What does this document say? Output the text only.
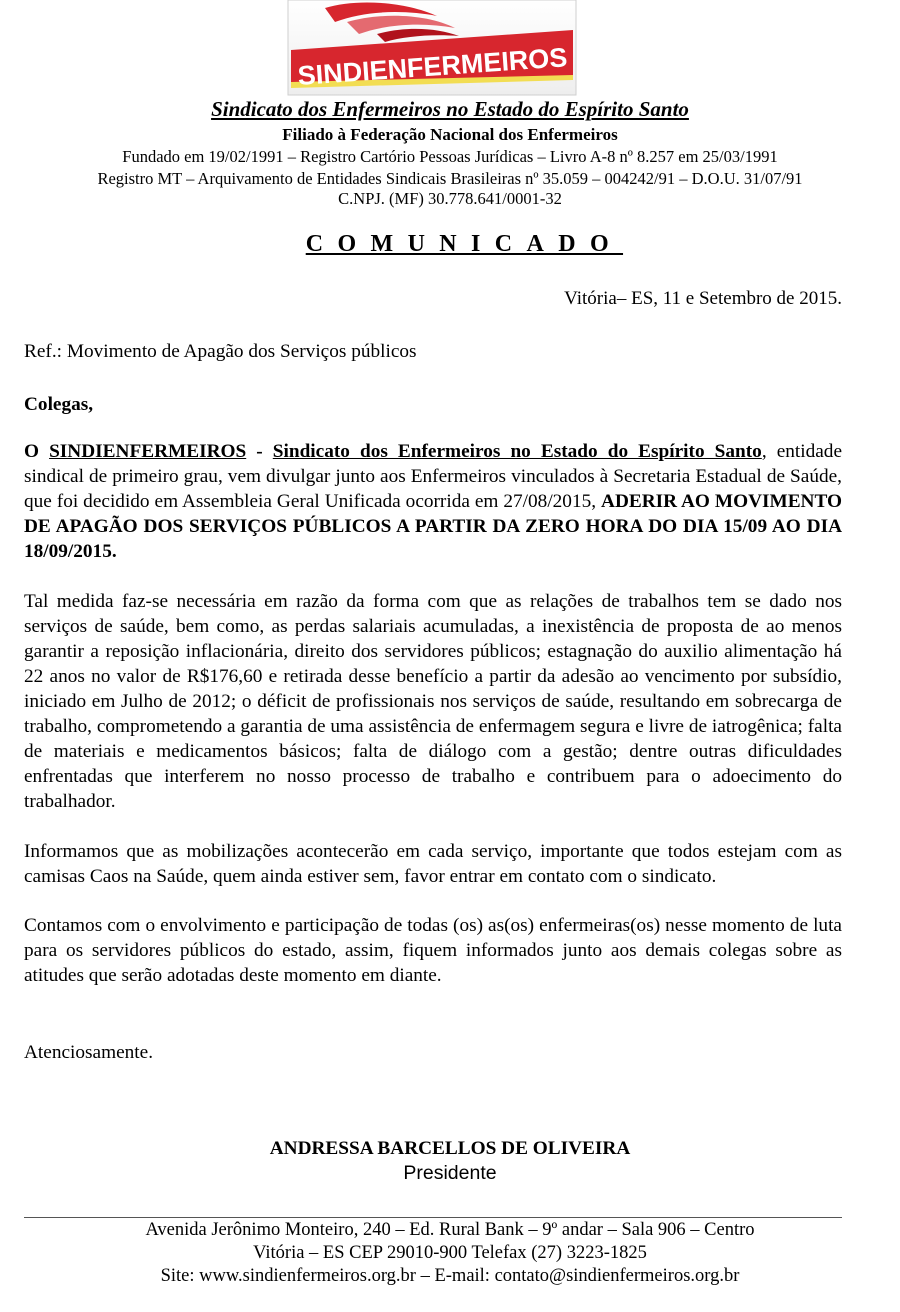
SINDIENFERMEIROS
Sindicato dos Enfermeiros no Estado do Espírito Santo
Filiado à Federação Nacional dos Enfermeiros
Fundado em 19/02/1991 – Registro Cartório Pessoas Jurídicas – Livro A-8 nº 8.257 em 25/03/1991
Registro MT – Arquivamento de Entidades Sindicais Brasileiras nº 35.059 – 004242/91 – D.O.U. 31/07/91
C.NPJ. (MF) 30.778.641/0001-32
COMUNICADO
Vitória– ES, 11 e Setembro de 2015.
Ref.: Movimento de Apagão dos Serviços públicos
Colegas,
O SINDIENFERMEIROS - Sindicato dos Enfermeiros no Estado do Espírito Santo, entidade sindical de primeiro grau, vem divulgar junto aos Enfermeiros vinculados à Secretaria Estadual de Saúde, que foi decidido em Assembleia Geral Unificada ocorrida em 27/08/2015, ADERIR AO MOVIMENTO DE APAGÃO DOS SERVIÇOS PÚBLICOS A PARTIR DA ZERO HORA DO DIA 15/09 AO DIA 18/09/2015.
Tal medida faz-se necessária em razão da forma com que as relações de trabalhos tem se dado nos serviços de saúde, bem como, as perdas salariais acumuladas, a inexistência de proposta de ao menos garantir a reposição inflacionária, direito dos servidores públicos; estagnação do auxilio alimentação há 22 anos no valor de R$176,60 e retirada desse benefício a partir da adesão ao vencimento por subsídio, iniciado em Julho de 2012; o déficit de profissionais nos serviços de saúde, resultando em sobrecarga de trabalho, comprometendo a garantia de uma assistência de enfermagem segura e livre de iatrogênica; falta de materiais e medicamentos básicos; falta de diálogo com a gestão; dentre outras dificuldades enfrentadas que interferem no nosso processo de trabalho e contribuem para o adoecimento do trabalhador.
Informamos que as mobilizações acontecerão em cada serviço, importante que todos estejam com as camisas Caos na Saúde, quem ainda estiver sem, favor entrar em contato com o sindicato.
Contamos com o envolvimento e participação de todas (os) as(os) enfermeiras(os) nesse momento de luta para os servidores públicos do estado, assim, fiquem informados junto aos demais colegas sobre as atitudes que serão adotadas deste momento em diante.
Atenciosamente.
ANDRESSA BARCELLOS DE OLIVEIRA
Presidente
Avenida Jerônimo Monteiro, 240 – Ed. Rural Bank – 9º andar – Sala 906 – Centro
Vitória – ES CEP 29010-900 Telefax (27) 3223-1825
Site: www.sindienfermeiros.org.br – E-mail: contato@sindienfermeiros.org.br
